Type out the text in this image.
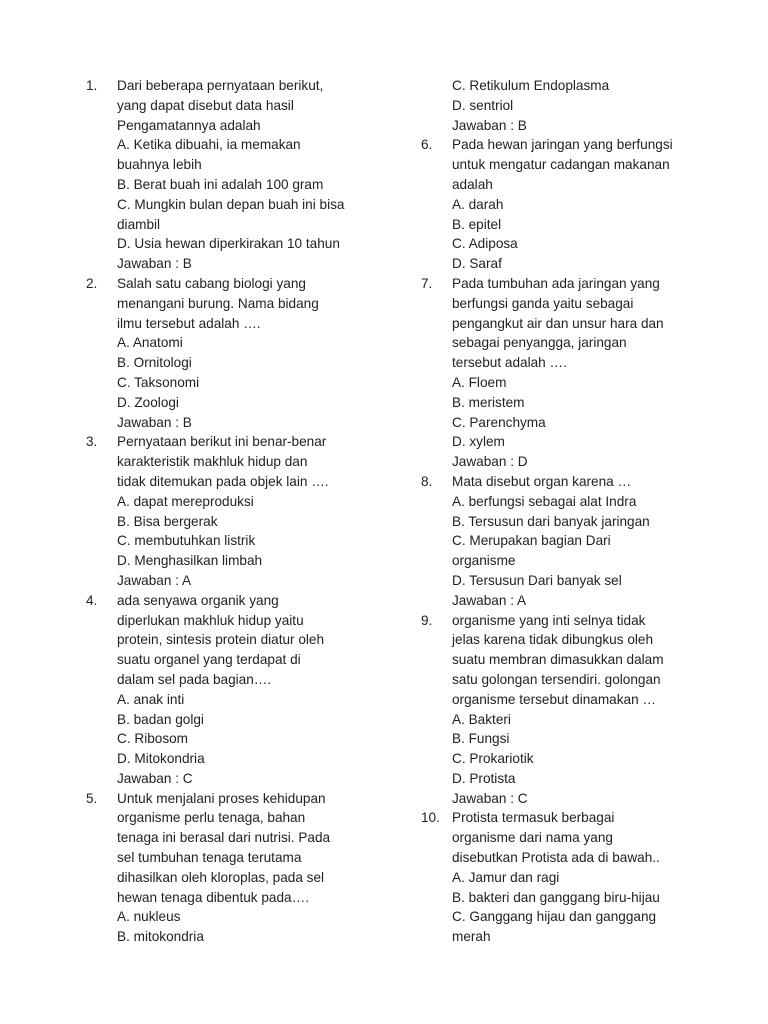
1. Dari beberapa pernyataan berikut,
yang dapat disebut data hasil
Pengamatannya adalah
A. Ketika dibuahi, ia memakan
buahnya lebih
B. Berat buah ini adalah 100 gram
C. Mungkin bulan depan buah ini bisa
diambil
D. Usia hewan diperkirakan 10 tahun
Jawaban : B
2. Salah satu cabang biologi yang
menangani burung. Nama bidang
ilmu tersebut adalah ….
A. Anatomi
B. Ornitologi
C. Taksonomi
D. Zoologi
Jawaban : B
3. Pernyataan berikut ini benar-benar
karakteristik makhluk hidup dan
tidak ditemukan pada objek lain ….
A. dapat mereproduksi
B. Bisa bergerak
C. membutuhkan listrik
D. Menghasilkan limbah
Jawaban : A
4. ada senyawa organik yang
diperlukan makhluk hidup yaitu
protein, sintesis protein diatur oleh
suatu organel yang terdapat di
dalam sel pada bagian….
A. anak inti
B. badan golgi
C. Ribosom
D. Mitokondria
Jawaban : C
5. Untuk menjalani proses kehidupan
organisme perlu tenaga, bahan
tenaga ini berasal dari nutrisi. Pada
sel tumbuhan tenaga terutama
dihasilkan oleh kloroplas, pada sel
hewan tenaga dibentuk pada….
A. nukleus
B. mitokondria
C. Retikulum Endoplasma
D. sentriol
Jawaban : B
6. Pada hewan jaringan yang berfungsi
untuk mengatur cadangan makanan
adalah
A. darah
B. epitel
C. Adiposa
D. Saraf
7. Pada tumbuhan ada jaringan yang
berfungsi ganda yaitu sebagai
pengangkut air dan unsur hara dan
sebagai penyangga, jaringan
tersebut adalah ….
A. Floem
B. meristem
C. Parenchyma
D. xylem
Jawaban : D
8. Mata disebut organ karena …
A. berfungsi sebagai alat Indra
B. Tersusun dari banyak jaringan
C. Merupakan bagian Dari
organisme
D. Tersusun Dari banyak sel
Jawaban : A
9. organisme yang inti selnya tidak
jelas karena tidak dibungkus oleh
suatu membran dimasukkan dalam
satu golongan tersendiri. golongan
organisme tersebut dinamakan …
A. Bakteri
B. Fungsi
C. Prokariotik
D. Protista
Jawaban : C
10. Protista termasuk berbagai
organisme dari nama yang
disebutkan Protista ada di bawah..
A. Jamur dan ragi
B. bakteri dan ganggang biru-hijau
C. Ganggang hijau dan ganggang
merah
